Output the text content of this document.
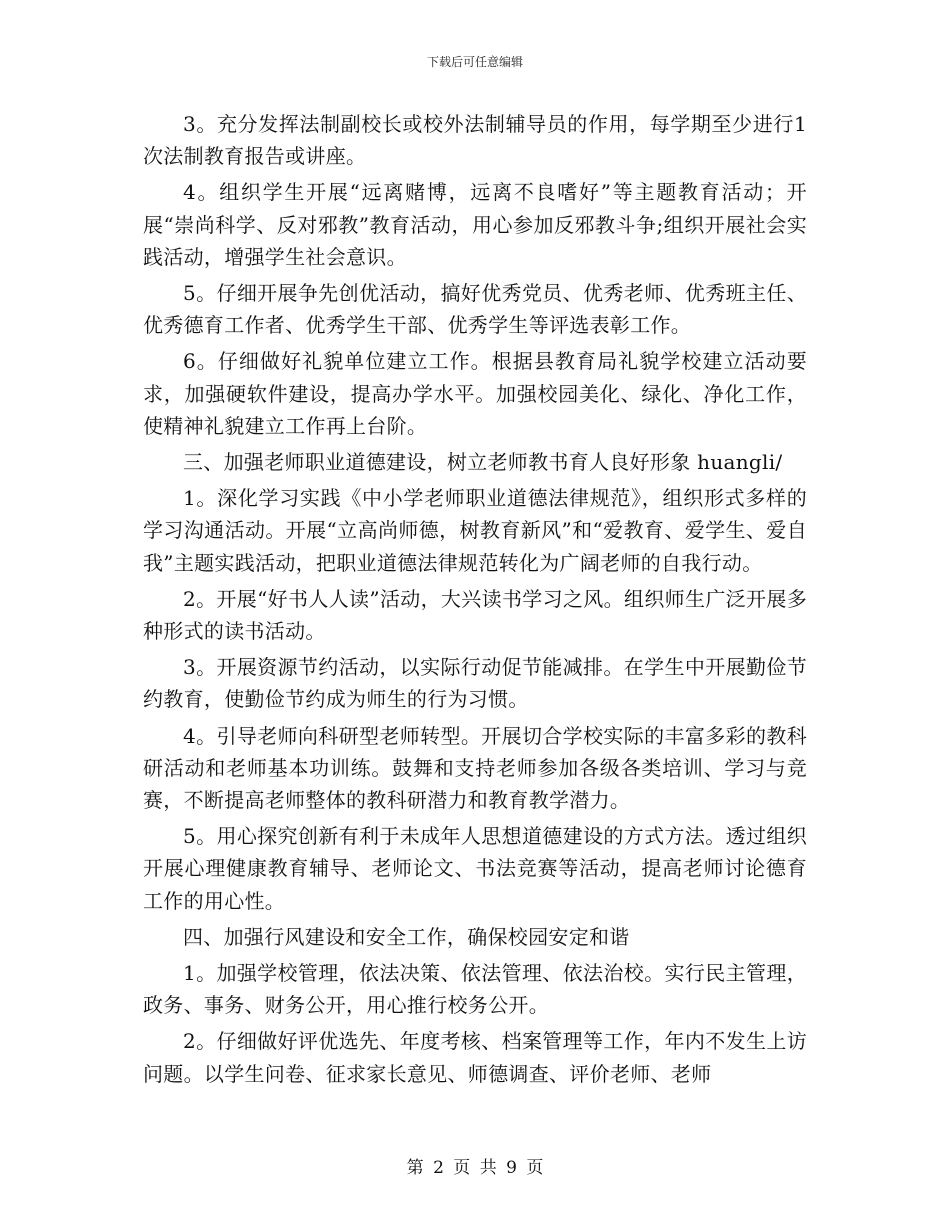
下载后可任意编辑

3。充分发挥法制副校长或校外法制辅导员的作用，每学期至少进行1次法制教育报告或讲座。

4。组织学生开展“远离赌博，远离不良嗜好”等主题教育活动；开展“崇尚科学、反对邪教”教育活动，用心参加反邪教斗争;组织开展社会实践活动，增强学生社会意识。

5。仔细开展争先创优活动，搞好优秀党员、优秀老师、优秀班主任、优秀德育工作者、优秀学生干部、优秀学生等评选表彰工作。

6。仔细做好礼貌单位建立工作。根据县教育局礼貌学校建立活动要求，加强硬软件建设，提高办学水平。加强校园美化、绿化、净化工作，使精神礼貌建立工作再上台阶。

三、加强老师职业道德建设，树立老师教书育人良好形象 huangli/

1。深化学习实践《中小学老师职业道德法律规范》，组织形式多样的学习沟通活动。开展“立高尚师德，树教育新风”和“爱教育、爱学生、爱自我”主题实践活动，把职业道德法律规范转化为广阔老师的自我行动。

2。开展“好书人人读”活动，大兴读书学习之风。组织师生广泛开展多种形式的读书活动。

3。开展资源节约活动，以实际行动促节能减排。在学生中开展勤俭节约教育，使勤俭节约成为师生的行为习惯。

4。引导老师向科研型老师转型。开展切合学校实际的丰富多彩的教科研活动和老师基本功训练。鼓舞和支持老师参加各级各类培训、学习与竞赛，不断提高老师整体的教科研潜力和教育教学潜力。

5。用心探究创新有利于未成年人思想道德建设的方式方法。透过组织开展心理健康教育辅导、老师论文、书法竞赛等活动，提高老师讨论德育工作的用心性。

四、加强行风建设和安全工作，确保校园安定和谐

1。加强学校管理，依法决策、依法管理、依法治校。实行民主管理，政务、事务、财务公开，用心推行校务公开。

2。仔细做好评优选先、年度考核、档案管理等工作，年内不发生上访问题。以学生问卷、征求家长意见、师德调查、评价老师、老师

第 2 页 共 9 页
